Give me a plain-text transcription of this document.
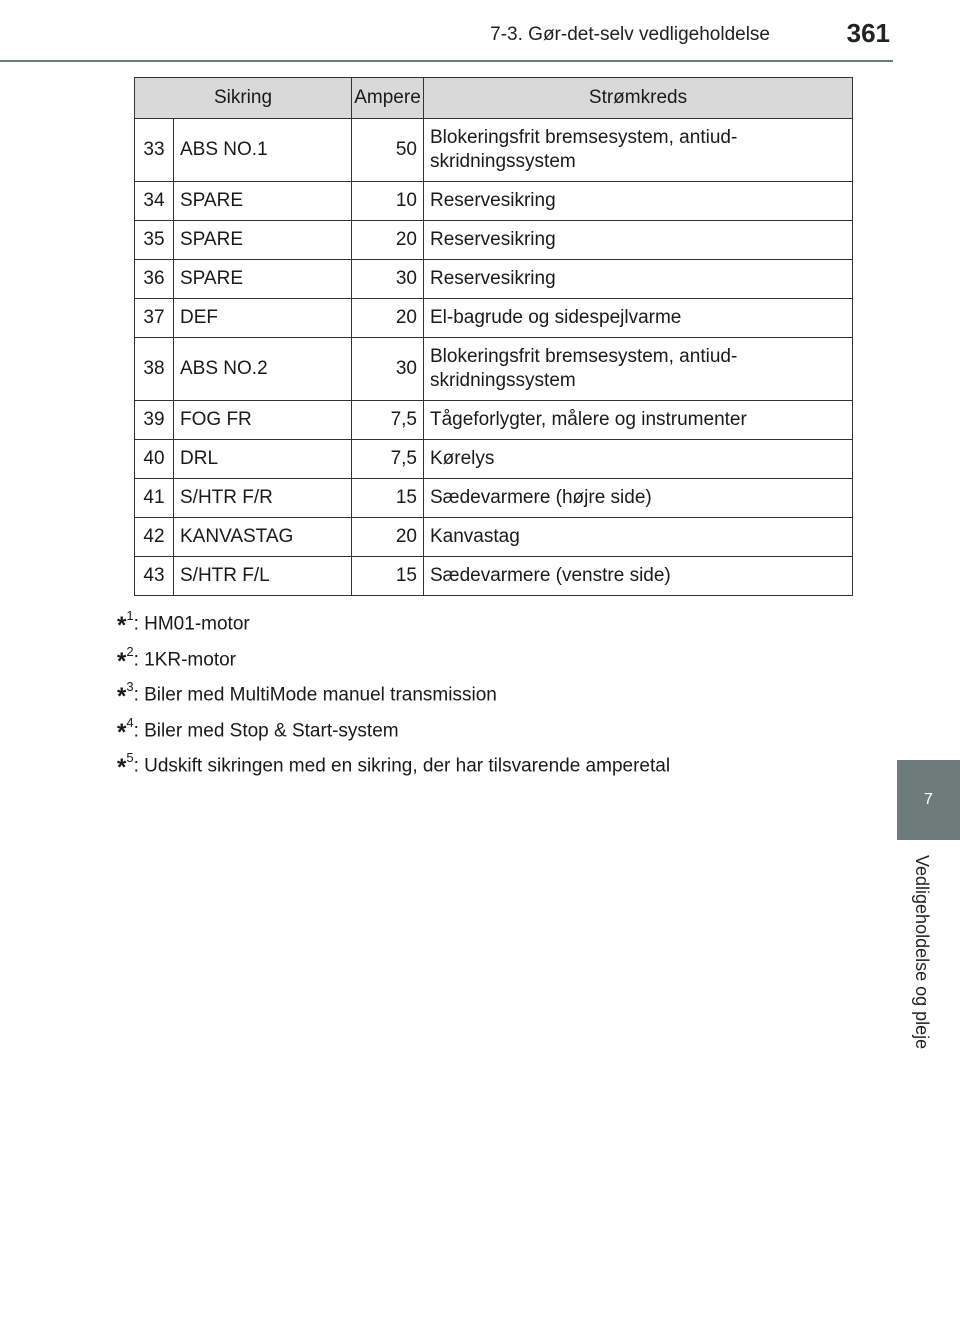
7-3. Gør-det-selv vedligeholdelse	361
7
Vedligeholdelse og pleje
Sikring		Ampere	Strømkreds
33	ABS NO.1	50	Blokeringsfrit bremsesystem, antiud-
skridningssystem
34	SPARE	10	Reservesikring
35	SPARE	20	Reservesikring
36	SPARE	30	Reservesikring
37	DEF	20	El-bagrude og sidespejlvarme
38	ABS NO.2	30	Blokeringsfrit bremsesystem, antiud-
skridningssystem
39	FOG FR	7,5	Tågeforlygter, målere og instrumenter
40	DRL	7,5	Kørelys
41	S/HTR F/R	15	Sædevarmere (højre side)
42	KANVASTAG	20	Kanvastag
43	S/HTR F/L	15	Sædevarmere (venstre side)
*$^1$: HM01-motor
*$^2$: 1KR-motor
*$^3$: Biler med MultiMode manuel transmission
*$^4$: Biler med Stop & Start-system
*$^5$: Udskift sikringen med en sikring, der har tilsvarende amperetal
